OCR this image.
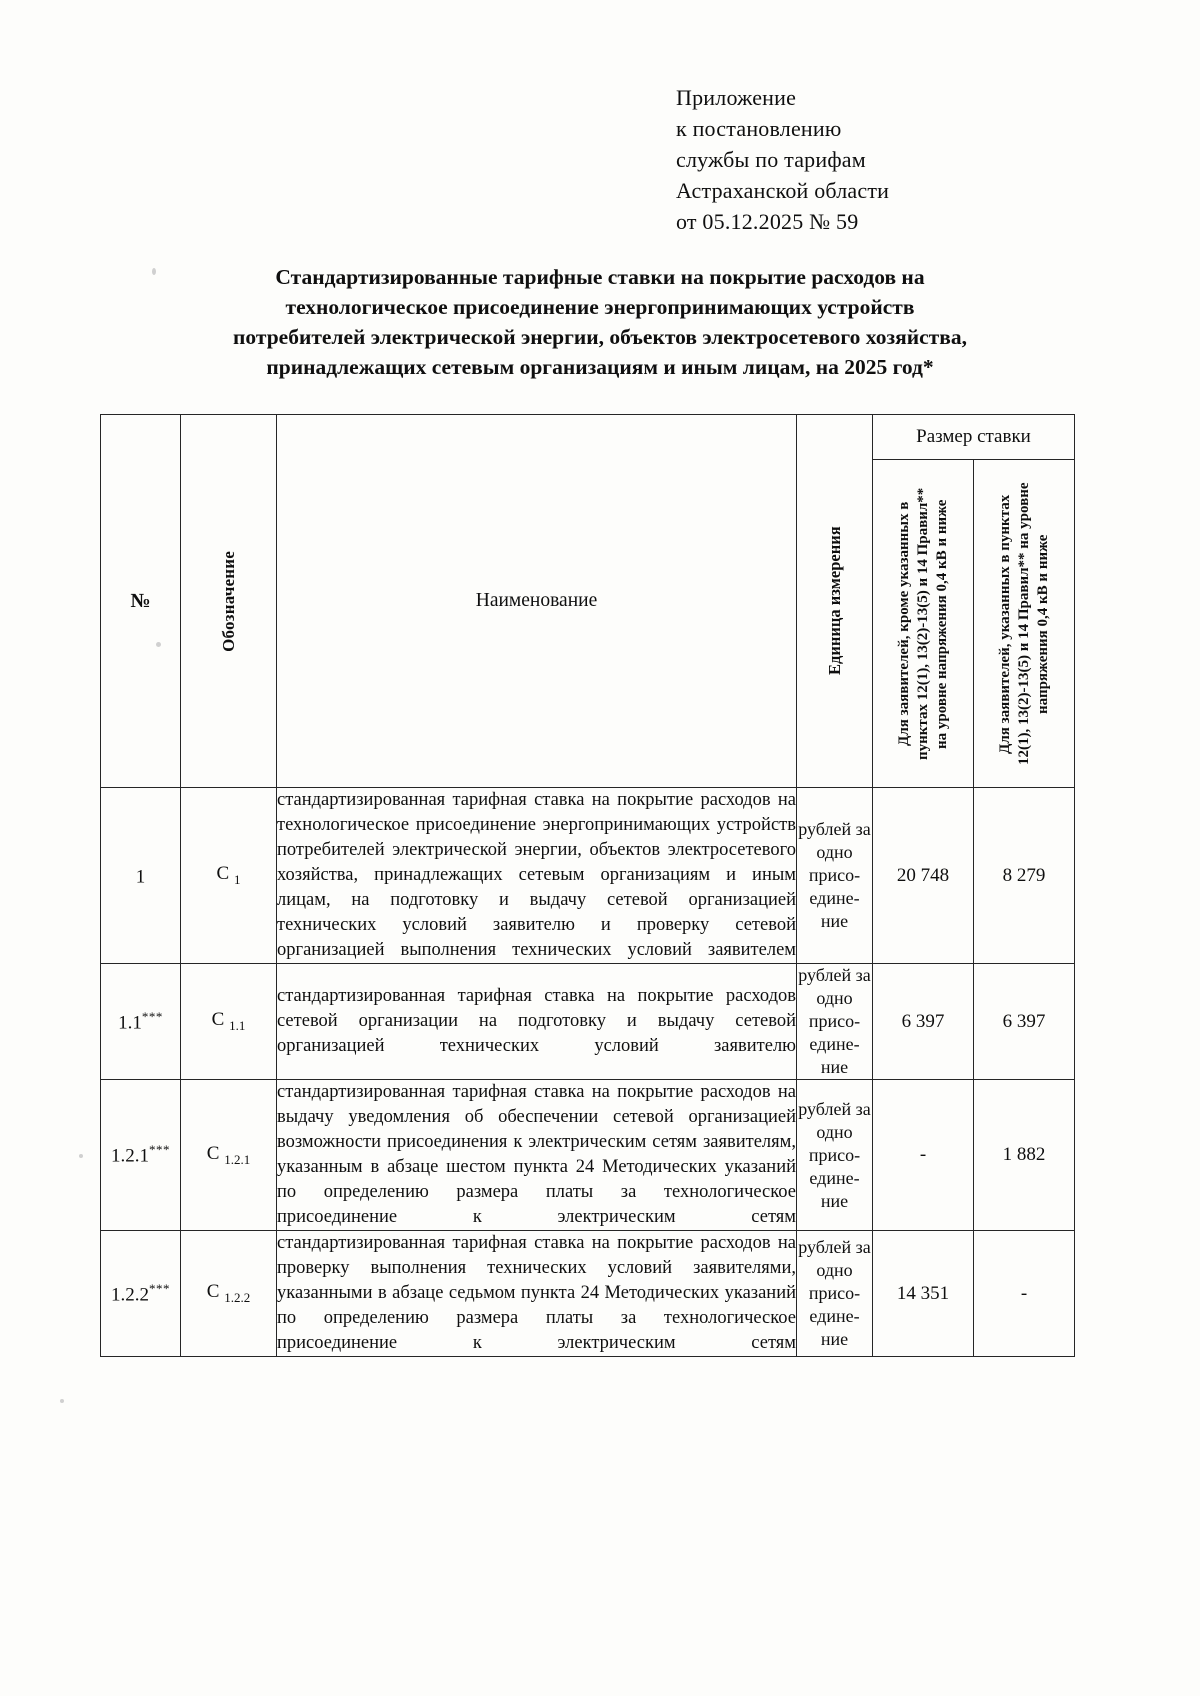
Приложение
к постановлению
службы по тарифам
Астраханской области
от 05.12.2025 № 59
Стандартизированные тарифные ставки на покрытие расходов на
технологическое присоединение энергопринимающих устройств
потребителей электрической энергии, объектов электросетевого хозяйства,
принадлежащих сетевым организациям и иным лицам, на 2025 год*
№	Обозначение	Наименование	Единица измерения	Размер ставки	

				Для заявителей, кроме указанных в пунктах 12(1), 13(2)-13(5) и 14 Правил** на уровне напряжения 0,4 кВ и ниже	Для заявителей, указанных в пунктах 12(1), 13(2)-13(5) и 14 Правил** на уровне напряжения 0,4 кВ и ниже

1	С $_1$	стандартизированная тарифная ставка на покрытие расходов на технологическое присоединение энергопринимающих устройств потребителей электрической энергии, объектов электросетевого хозяйства, принадлежащих сетевым организациям и иным лицам, на подготовку и выдачу сетевой организацией технических условий заявителю и проверку сетевой организацией выполнения технических условий заявителем	рублей за одно присо-едине-ние	20 748	8 279
1.1***	С $_{1.1}$	стандартизированная тарифная ставка на покрытие расходов сетевой организации на подготовку и выдачу сетевой организацией технических условий заявителю	рублей за одно присо-едине-ние	6 397	6 397
1.2.1***	С $_{1.2.1}$	стандартизированная тарифная ставка на покрытие расходов на выдачу уведомления об обеспечении сетевой организацией возможности присоединения к электрическим сетям заявителям, указанным в абзаце шестом пункта 24 Методических указаний по определению размера платы за технологическое присоединение к электрическим сетям	рублей за одно присо-едине-ние	-	1 882
1.2.2***	С $_{1.2.2}$	стандартизированная тарифная ставка на покрытие расходов на проверку выполнения технических условий заявителями, указанными в абзаце седьмом пункта 24 Методических указаний по определению размера платы за технологическое присоединение к электрическим сетям	рублей за одно присо-едине-ние	14 351	-
